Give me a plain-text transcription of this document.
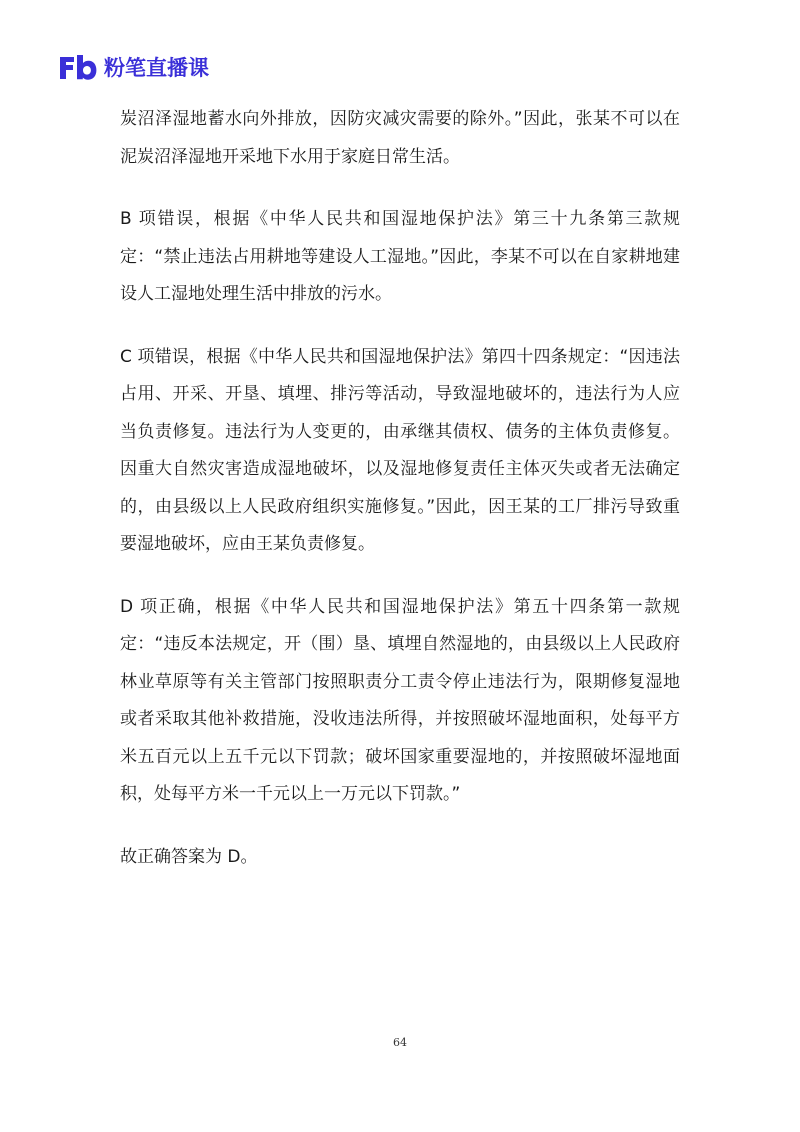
粉笔直播课

炭沼泽湿地蓄水向外排放，因防灾减灾需要的除外。”因此，张某不可以在泥炭沼泽湿地开采地下水用于家庭日常生活。

B 项错误，根据《中华人民共和国湿地保护法》第三十九条第三款规定：“禁止违法占用耕地等建设人工湿地。”因此，李某不可以在自家耕地建设人工湿地处理生活中排放的污水。

C 项错误，根据《中华人民共和国湿地保护法》第四十四条规定：“因违法占用、开采、开垦、填埋、排污等活动，导致湿地破坏的，违法行为人应当负责修复。违法行为人变更的，由承继其债权、债务的主体负责修复。因重大自然灾害造成湿地破坏，以及湿地修复责任主体灭失或者无法确定的，由县级以上人民政府组织实施修复。”因此，因王某的工厂排污导致重要湿地破坏，应由王某负责修复。

D 项正确，根据《中华人民共和国湿地保护法》第五十四条第一款规定：“违反本法规定，开（围）垦、填埋自然湿地的，由县级以上人民政府林业草原等有关主管部门按照职责分工责令停止违法行为，限期修复湿地或者采取其他补救措施，没收违法所得，并按照破坏湿地面积，处每平方米五百元以上五千元以下罚款；破坏国家重要湿地的，并按照破坏湿地面积，处每平方米一千元以上一万元以下罚款。”

故正确答案为 D。

64
